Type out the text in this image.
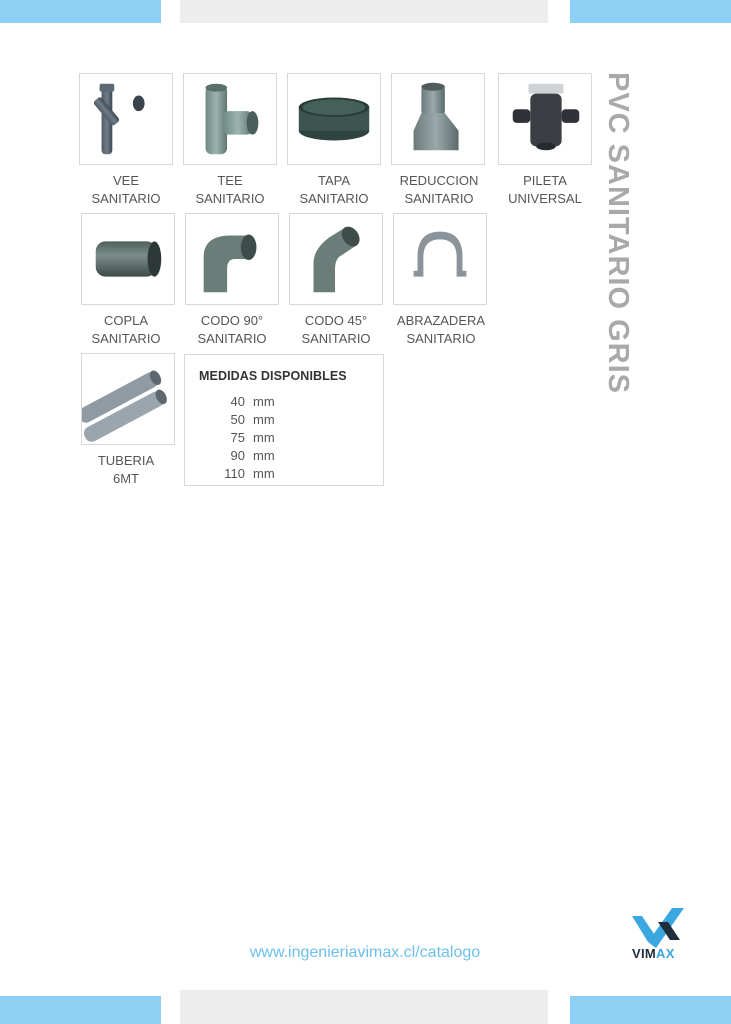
VEE
SANITARIO
TEE
SANITARIO
TAPA
SANITARIO
REDUCCION
SANITARIO
PILETA
UNIVERSAL
COPLA
SANITARIO
CODO 90°
SANITARIO
CODO 45°
SANITARIO
ABRAZADERA
SANITARIO
TUBERIA
6MT
MEDIDAS DISPONIBLES
40 mm
50 mm
75 mm
90 mm
110 mm
PVC SANITARIO GRIS
www.ingenieriavimax.cl/catalogo	VIMAX
